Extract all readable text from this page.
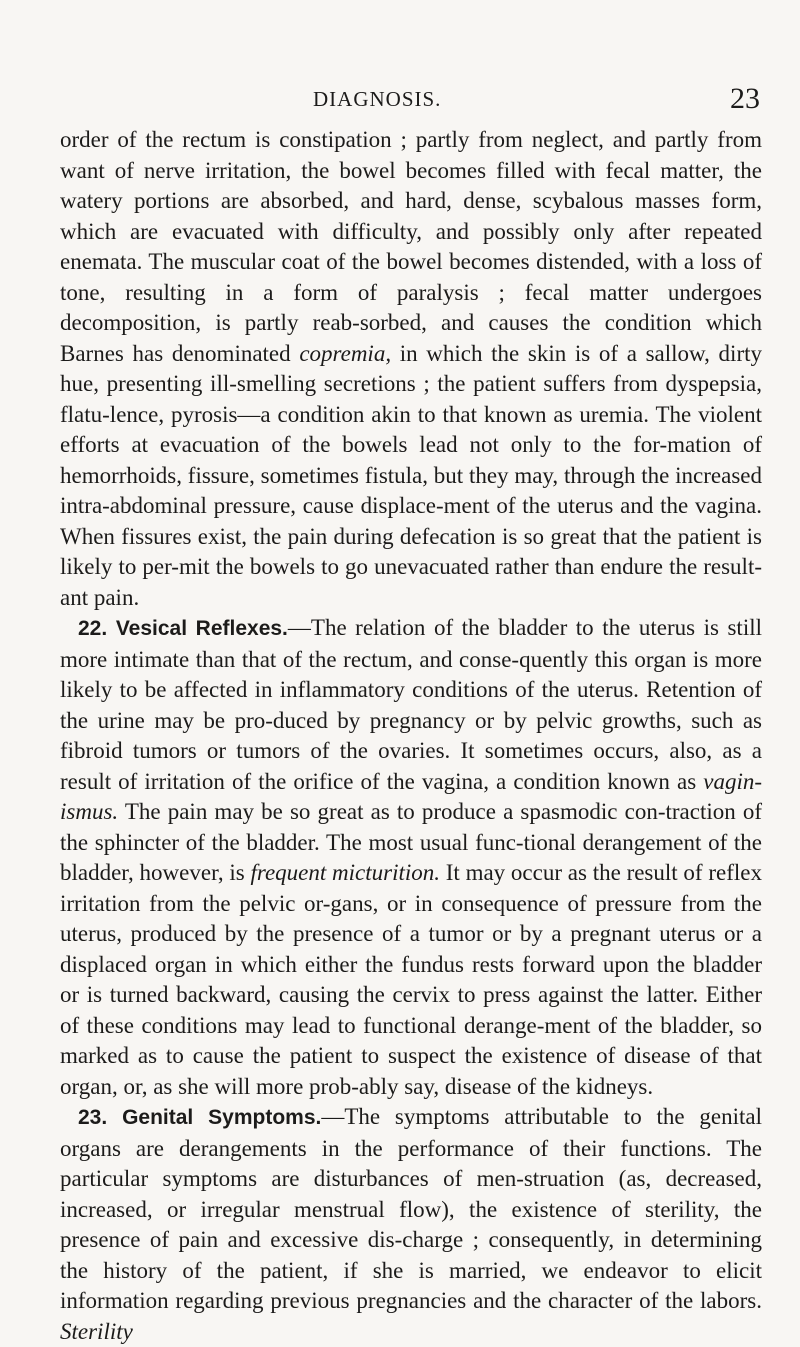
DIAGNOSIS.	23

order of the rectum is constipation ; partly from neglect, and partly from want of nerve irritation, the bowel becomes filled with fecal matter, the watery portions are absorbed, and hard, dense, scybalous masses form, which are evacuated with difficulty, and possibly only after repeated enemata. The muscular coat of the bowel becomes distended, with a loss of tone, resulting in a form of paralysis ; fecal matter undergoes decomposition, is partly reab-sorbed, and causes the condition which Barnes has denominated copremia, in which the skin is of a sallow, dirty hue, presenting ill-smelling secretions ; the patient suffers from dyspepsia, flatu-lence, pyrosis—a condition akin to that known as uremia. The violent efforts at evacuation of the bowels lead not only to the for-mation of hemorrhoids, fissure, sometimes fistula, but they may, through the increased intra-abdominal pressure, cause displace-ment of the uterus and the vagina. When fissures exist, the pain during defecation is so great that the patient is likely to per-mit the bowels to go unevacuated rather than endure the result-ant pain.

22. Vesical Reflexes.—The relation of the bladder to the uterus is still more intimate than that of the rectum, and conse-quently this organ is more likely to be affected in inflammatory conditions of the uterus. Retention of the urine may be pro-duced by pregnancy or by pelvic growths, such as fibroid tumors or tumors of the ovaries. It sometimes occurs, also, as a result of irritation of the orifice of the vagina, a condition known as vagin-ismus. The pain may be so great as to produce a spasmodic con-traction of the sphincter of the bladder. The most usual func-tional derangement of the bladder, however, is frequent micturition. It may occur as the result of reflex irritation from the pelvic or-gans, or in consequence of pressure from the uterus, produced by the presence of a tumor or by a pregnant uterus or a displaced organ in which either the fundus rests forward upon the bladder or is turned backward, causing the cervix to press against the latter. Either of these conditions may lead to functional derange-ment of the bladder, so marked as to cause the patient to suspect the existence of disease of that organ, or, as she will more prob-ably say, disease of the kidneys.

23. Genital Symptoms.—The symptoms attributable to the genital organs are derangements in the performance of their functions. The particular symptoms are disturbances of men-struation (as, decreased, increased, or irregular menstrual flow), the existence of sterility, the presence of pain and excessive dis-charge ; consequently, in determining the history of the patient, if she is married, we endeavor to elicit information regarding previous pregnancies and the character of the labors. Sterility
